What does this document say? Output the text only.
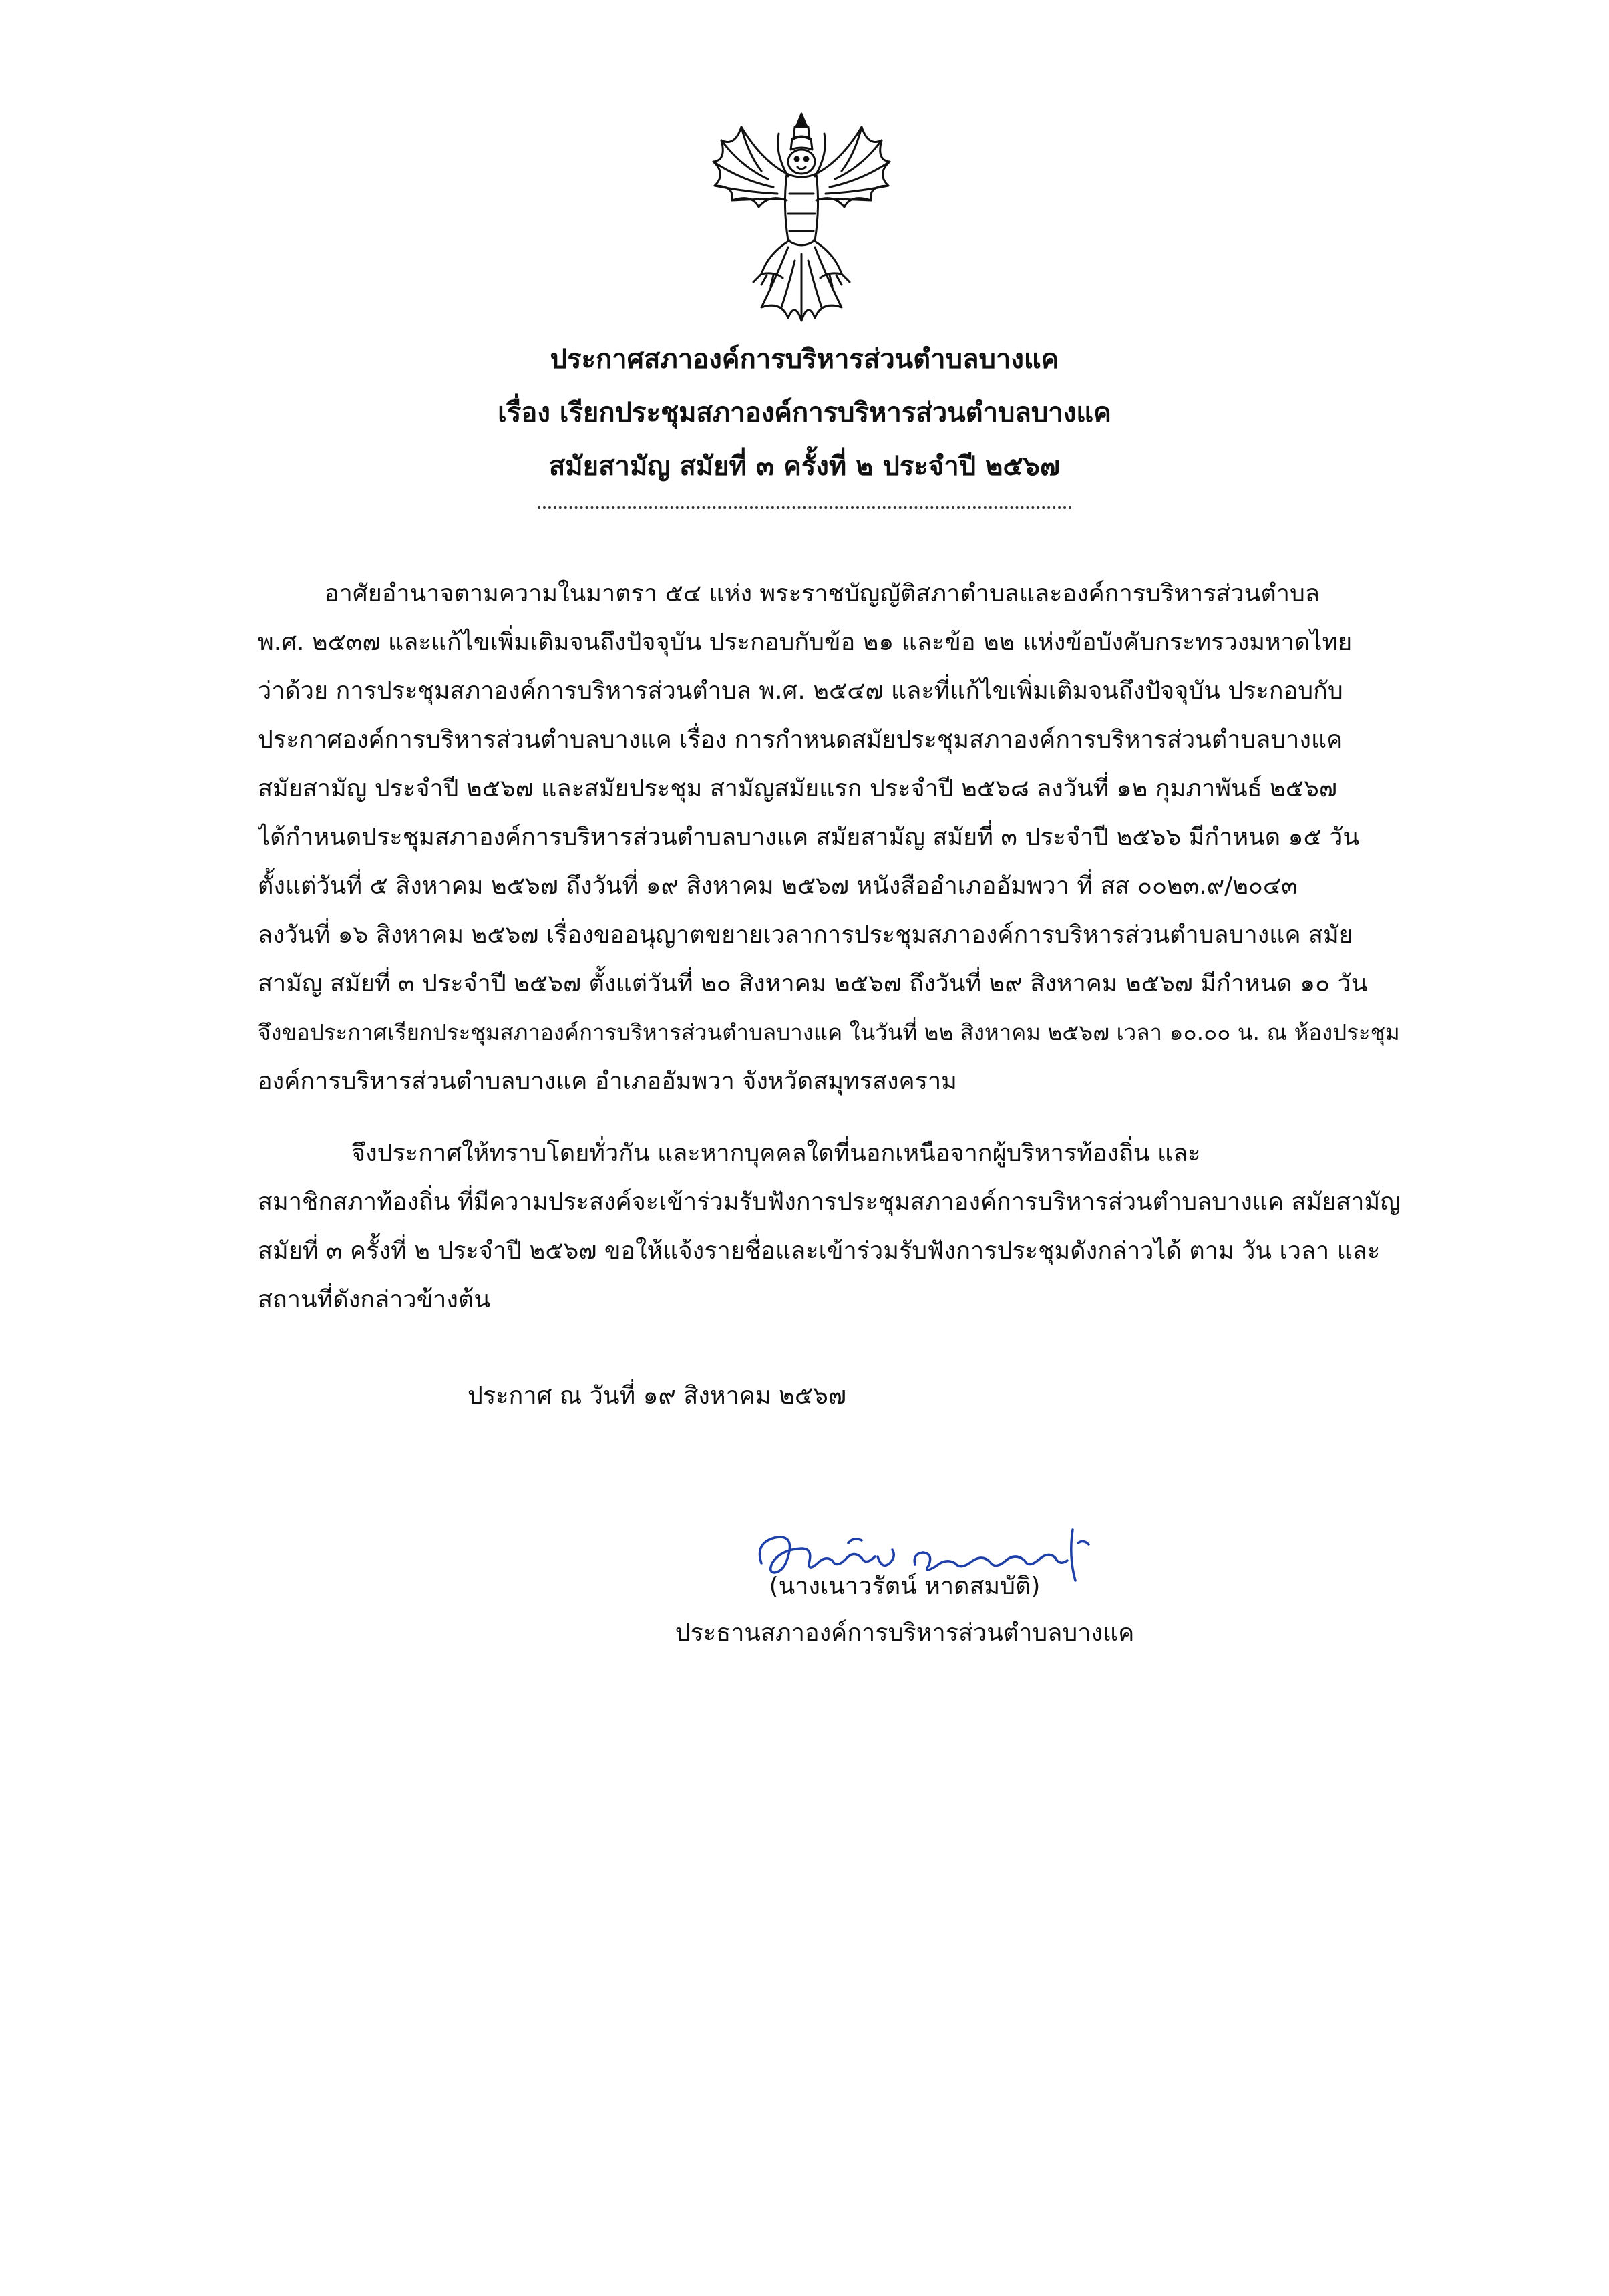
ประกาศสภาองค์การบริหารส่วนตำบลบางแค
เรื่อง เรียกประชุมสภาองค์การบริหารส่วนตำบลบางแค
สมัยสามัญ สมัยที่ ๓ ครั้งที่ ๒ ประจำปี ๒๕๖๗
อาศัยอำนาจตามความในมาตรา ๕๔ แห่ง พระราชบัญญัติสภาตำบลและองค์การบริหารส่วนตำบล
พ.ศ. ๒๕๓๗ และแก้ไขเพิ่มเติมจนถึงปัจจุบัน ประกอบกับข้อ ๒๑ และข้อ ๒๒ แห่งข้อบังคับกระทรวงมหาดไทย
ว่าด้วย การประชุมสภาองค์การบริหารส่วนตำบล พ.ศ. ๒๕๔๗ และที่แก้ไขเพิ่มเติมจนถึงปัจจุบัน ประกอบกับ
ประกาศองค์การบริหารส่วนตำบลบางแค เรื่อง การกำหนดสมัยประชุมสภาองค์การบริหารส่วนตำบลบางแค
สมัยสามัญ ประจำปี ๒๕๖๗ และสมัยประชุม สามัญสมัยแรก ประจำปี ๒๕๖๘ ลงวันที่ ๑๒ กุมภาพันธ์ ๒๕๖๗
ได้กำหนดประชุมสภาองค์การบริหารส่วนตำบลบางแค สมัยสามัญ สมัยที่ ๓ ประจำปี ๒๕๖๖ มีกำหนด ๑๕ วัน
ตั้งแต่วันที่ ๕ สิงหาคม ๒๕๖๗ ถึงวันที่ ๑๙ สิงหาคม ๒๕๖๗ หนังสืออำเภออัมพวา ที่ สส ๐๐๒๓.๙/๒๐๔๓
ลงวันที่ ๑๖ สิงหาคม ๒๕๖๗ เรื่องขออนุญาตขยายเวลาการประชุมสภาองค์การบริหารส่วนตำบลบางแค สมัย
สามัญ สมัยที่ ๓ ประจำปี ๒๕๖๗ ตั้งแต่วันที่ ๒๐ สิงหาคม ๒๕๖๗ ถึงวันที่ ๒๙ สิงหาคม ๒๕๖๗ มีกำหนด ๑๐ วัน
จึงขอประกาศเรียกประชุมสภาองค์การบริหารส่วนตำบลบางแค ในวันที่ ๒๒ สิงหาคม ๒๕๖๗ เวลา ๑๐.๐๐ น. ณ ห้องประชุม
องค์การบริหารส่วนตำบลบางแค อำเภออัมพวา จังหวัดสมุทรสงคราม
จึงประกาศให้ทราบโดยทั่วกัน และหากบุคคลใดที่นอกเหนือจากผู้บริหารท้องถิ่น และ
สมาชิกสภาท้องถิ่น ที่มีความประสงค์จะเข้าร่วมรับฟังการประชุมสภาองค์การบริหารส่วนตำบลบางแค สมัยสามัญ
สมัยที่ ๓ ครั้งที่ ๒ ประจำปี ๒๕๖๗ ขอให้แจ้งรายชื่อและเข้าร่วมรับฟังการประชุมดังกล่าวได้ ตาม วัน เวลา และ
สถานที่ดังกล่าวข้างต้น
ประกาศ ณ วันที่ ๑๙ สิงหาคม ๒๕๖๗
(นางเนาวรัตน์ หาดสมบัติ)
ประธานสภาองค์การบริหารส่วนตำบลบางแค
